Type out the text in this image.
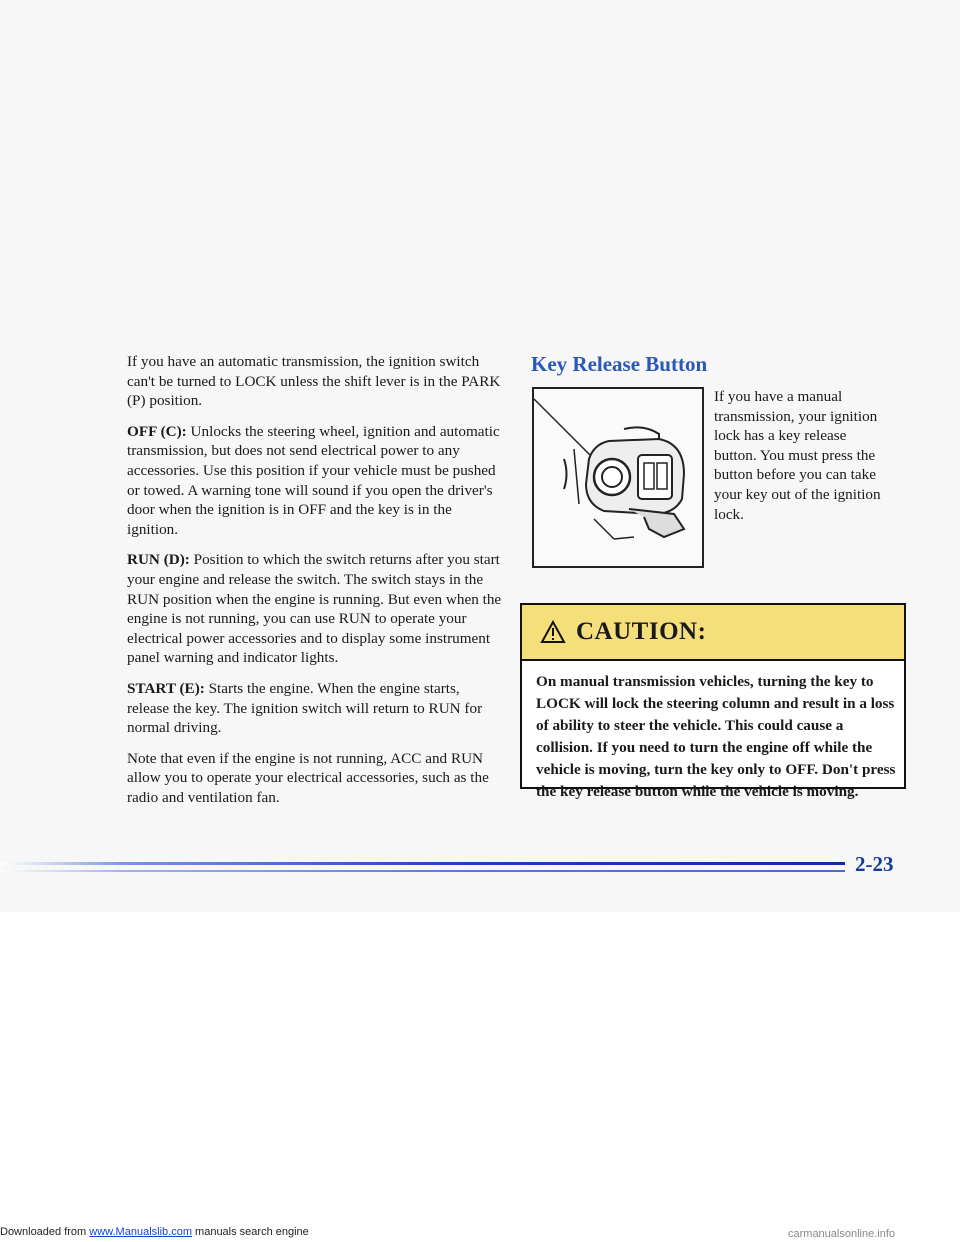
If you have an automatic transmission, the ignition switch can't be turned to LOCK unless the shift lever is in the PARK (P) position.

OFF (C): Unlocks the steering wheel, ignition and automatic transmission, but does not send electrical power to any accessories. Use this position if your vehicle must be pushed or towed. A warning tone will sound if you open the driver's door when the ignition is in OFF and the key is in the ignition.

RUN (D): Position to which the switch returns after you start your engine and release the switch. The switch stays in the RUN position when the engine is running. But even when the engine is not running, you can use RUN to operate your electrical power accessories and to display some instrument panel warning and indicator lights.

START (E): Starts the engine. When the engine starts, release the key. The ignition switch will return to RUN for normal driving.

Note that even if the engine is not running, ACC and RUN allow you to operate your electrical accessories, such as the radio and ventilation fan.

Key Release Button

If you have a manual transmission, your ignition lock has a key release button. You must press the button before you can take your key out of the ignition lock.

CAUTION:

On manual transmission vehicles, turning the key to LOCK will lock the steering column and result in a loss of ability to steer the vehicle. This could cause a collision. If you need to turn the engine off while the vehicle is moving, turn the key only to OFF. Don't press the key release button while the vehicle is moving.

2-23

Downloaded from www.Manualslib.com manuals search engine	carmanualsonline.info
